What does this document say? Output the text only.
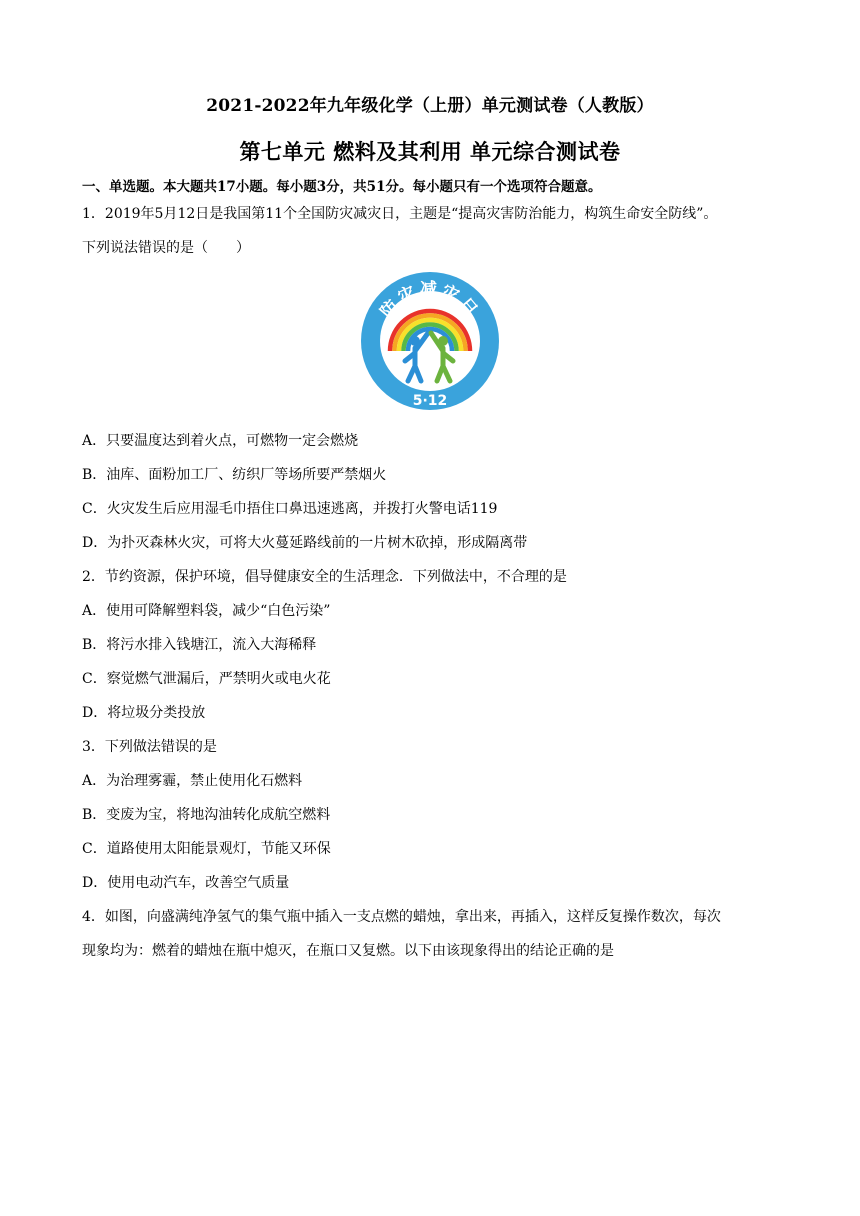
2021-2022年九年级化学（上册）单元测试卷（人教版）
第七单元 燃料及其利用 单元综合测试卷
一、单选题。本大题共17小题。每小题3分，共51分。每小题只有一个选项符合题意。
1．2019年5月12日是我国第11个全国防灾减灾日，主题是“提高灾害防治能力，构筑生命安全防线”。
下列说法错误的是（　　）
防灾减灾日
5·12
A．只要温度达到着火点，可燃物一定会燃烧
B．油库、面粉加工厂、纺织厂等场所要严禁烟火
C．火灾发生后应用湿毛巾捂住口鼻迅速逃离，并拨打火警电话119
D．为扑灭森林火灾，可将大火蔓延路线前的一片树木砍掉，形成隔离带
2．节约资源，保护环境，倡导健康安全的生活理念．下列做法中，不合理的是
A．使用可降解塑料袋，减少“白色污染”
B．将污水排入钱塘江，流入大海稀释
C．察觉燃气泄漏后，严禁明火或电火花
D．将垃圾分类投放
3．下列做法错误的是
A．为治理雾霾，禁止使用化石燃料
B．变废为宝，将地沟油转化成航空燃料
C．道路使用太阳能景观灯，节能又环保
D．使用电动汽车，改善空气质量
4．如图，向盛满纯净氢气的集气瓶中插入一支点燃的蜡烛，拿出来，再插入，这样反复操作数次，每次
现象均为：燃着的蜡烛在瓶中熄灭，在瓶口又复燃。以下由该现象得出的结论正确的是
